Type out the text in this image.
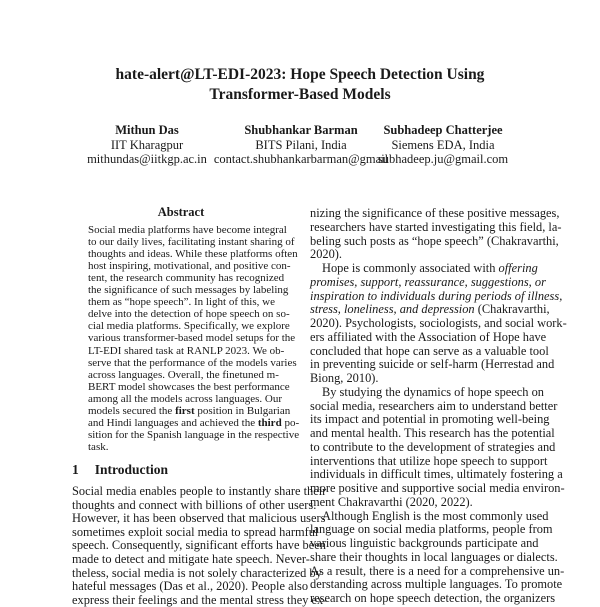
hate-alert@LT-EDI-2023: Hope Speech Detection Using
Transformer-Based Models
Mithun Das
IIT Kharagpur
mithundas@iitkgp.ac.in
Shubhankar Barman
BITS Pilani, India
contact.shubhankarbarman@gmail
Subhadeep Chatterjee
Siemens EDA, India
subhadeep.ju@gmail.com
Abstract
1 Introduction
Social media platforms have become integral
to our daily lives, facilitating instant sharing of
thoughts and ideas. While these platforms often
host inspiring, motivational, and positive con-
tent, the research community has recognized
the significance of such messages by labeling
them as “hope speech”. In light of this, we
delve into the detection of hope speech on so-
cial media platforms. Specifically, we explore
various transformer-based model setups for the
LT-EDI shared task at RANLP 2023. We ob-
serve that the performance of the models varies
across languages. Overall, the finetuned m-
BERT model showcases the best performance
among all the models across languages. Our
models secured the first position in Bulgarian
and Hindi languages and achieved the third po-
sition for the Spanish language in the respective
task.
Social media enables people to instantly share their
thoughts and connect with billions of other users.
However, it has been observed that malicious users
sometimes exploit social media to spread harmful
speech. Consequently, significant efforts have been
made to detect and mitigate hate speech. Never-
theless, social media is not solely characterized by
hateful messages (Das et al., 2020). People also
express their feelings and the mental stress they ex-
nizing the significance of these positive messages,
researchers have started investigating this field, la-
beling such posts as “hope speech” (Chakravarthi,
2020).
Hope is commonly associated with offering
promises, support, reassurance, suggestions, or
inspiration to individuals during periods of illness,
stress, loneliness, and depression (Chakravarthi,
2020). Psychologists, sociologists, and social work-
ers affiliated with the Association of Hope have
concluded that hope can serve as a valuable tool
in preventing suicide or self-harm (Herrestad and
Biong, 2010).
By studying the dynamics of hope speech on
social media, researchers aim to understand better
its impact and potential in promoting well-being
and mental health. This research has the potential
to contribute to the development of strategies and
interventions that utilize hope speech to support
individuals in difficult times, ultimately fostering a
more positive and supportive social media environ-
ment Chakravarthi (2020, 2022).
Although English is the most commonly used
language on social media platforms, people from
various linguistic backgrounds participate and
share their thoughts in local languages or dialects.
As a result, there is a need for a comprehensive un-
derstanding across multiple languages. To promote
research on hope speech detection, the organizers
